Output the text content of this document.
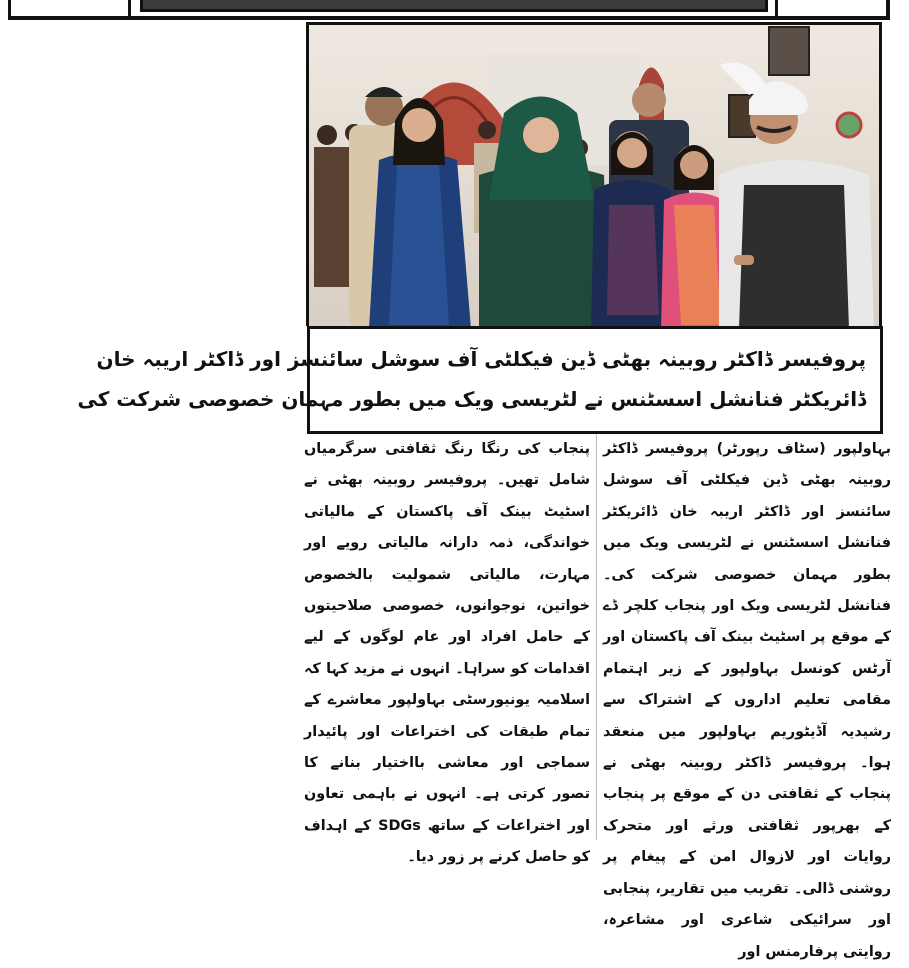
پروفیسر ڈاکٹر روبینہ بھٹی ڈین فیکلٹی آف سوشل سائنسز اور ڈاکٹر اریبہ خان
ڈائریکٹر فنانشل اسسٹنس نے لٹریسی ویک میں بطور مہمان خصوصی شرکت کی

بہاولپور (سٹاف رپورٹر) پروفیسر ڈاکٹر روبینہ بھٹی ڈین فیکلٹی آف سوشل سائنسز اور ڈاکٹر اریبہ خان ڈائریکٹر فنانشل اسسٹنس نے لٹریسی ویک میں بطور مہمان خصوصی شرکت کی۔ فنانشل لٹریسی ویک اور پنجاب کلچر ڈے کے موقع پر اسٹیٹ بینک آف پاکستان اور آرٹس کونسل بہاولپور کے زیر اہتمام مقامی تعلیم اداروں کے اشتراک سے رشیدیہ آڈیٹوریم بہاولپور میں منعقد ہوا۔ پروفیسر ڈاکٹر روبینہ بھٹی نے پنجاب کے ثقافتی دن کے موقع پر پنجاب کے بھرپور ثقافتی ورثے اور متحرک روایات اور لازوال امن کے پیغام پر روشنی ڈالی۔ تقریب میں تقاریر، پنجابی اور سرائیکی شاعری اور مشاعرہ، روایتی پرفارمنس اور

پنجاب کی رنگا رنگ ثقافتی سرگرمیاں شامل تھیں۔ پروفیسر روبینہ بھٹی نے اسٹیٹ بینک آف پاکستان کے مالیاتی خواندگی، ذمہ دارانہ مالیاتی رویے اور مہارت، مالیاتی شمولیت بالخصوص خواتین، نوجوانوں، خصوصی صلاحیتوں کے حامل افراد اور عام لوگوں کے لیے اقدامات کو سراہا۔ انہوں نے مزید کہا کہ اسلامیہ یونیورسٹی بہاولپور معاشرے کے تمام طبقات کی اختراعات اور پائیدار سماجی اور معاشی بااختیار بنانے کا تصور کرتی ہے۔ انہوں نے باہمی تعاون اور اختراعات کے ساتھ SDGs کے اہداف کو حاصل کرنے پر زور دیا۔
